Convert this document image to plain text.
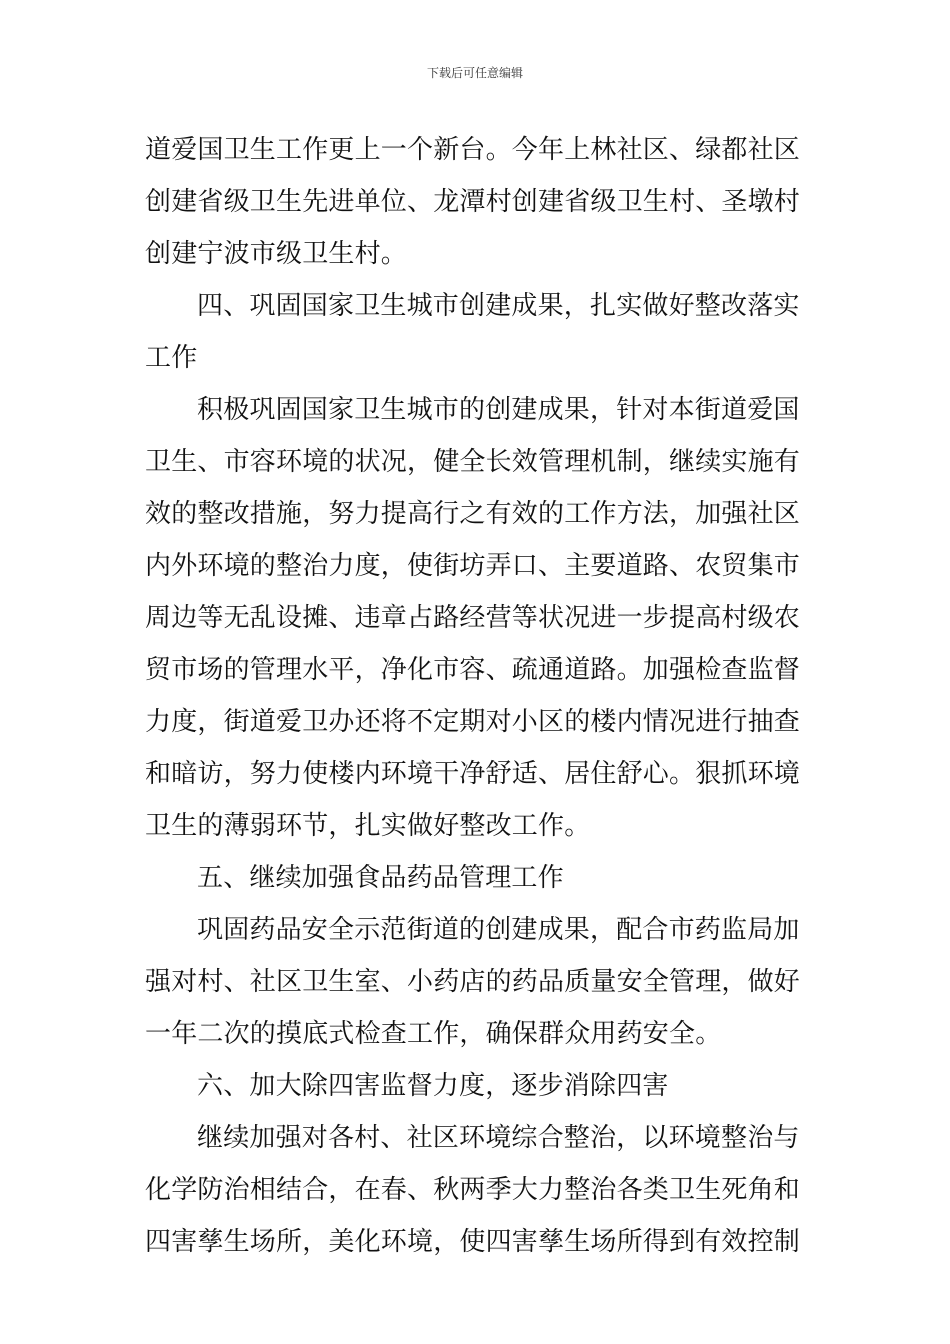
下载后可任意编辑

道爱国卫生工作更上一个新台。今年上林社区、绿都社区

创建省级卫生先进单位、龙潭村创建省级卫生村、圣墩村

创建宁波市级卫生村。

四、巩固国家卫生城市创建成果，扎实做好整改落实

工作

积极巩固国家卫生城市的创建成果，针对本街道爱国

卫生、市容环境的状况，健全长效管理机制，继续实施有

效的整改措施，努力提高行之有效的工作方法，加强社区

内外环境的整治力度，使街坊弄口、主要道路、农贸集市

周边等无乱设摊、违章占路经营等状况进一步提高村级农

贸市场的管理水平，净化市容、疏通道路。加强检查监督

力度，街道爱卫办还将不定期对小区的楼内情况进行抽查

和暗访，努力使楼内环境干净舒适、居住舒心。狠抓环境

卫生的薄弱环节，扎实做好整改工作。

五、继续加强食品药品管理工作

巩固药品安全示范街道的创建成果，配合市药监局加

强对村、社区卫生室、小药店的药品质量安全管理，做好

一年二次的摸底式检查工作，确保群众用药安全。

六、加大除四害监督力度，逐步消除四害

继续加强对各村、社区环境综合整治，以环境整治与

化学防治相结合，在春、秋两季大力整治各类卫生死角和

四害孳生场所，美化环境，使四害孳生场所得到有效控制
